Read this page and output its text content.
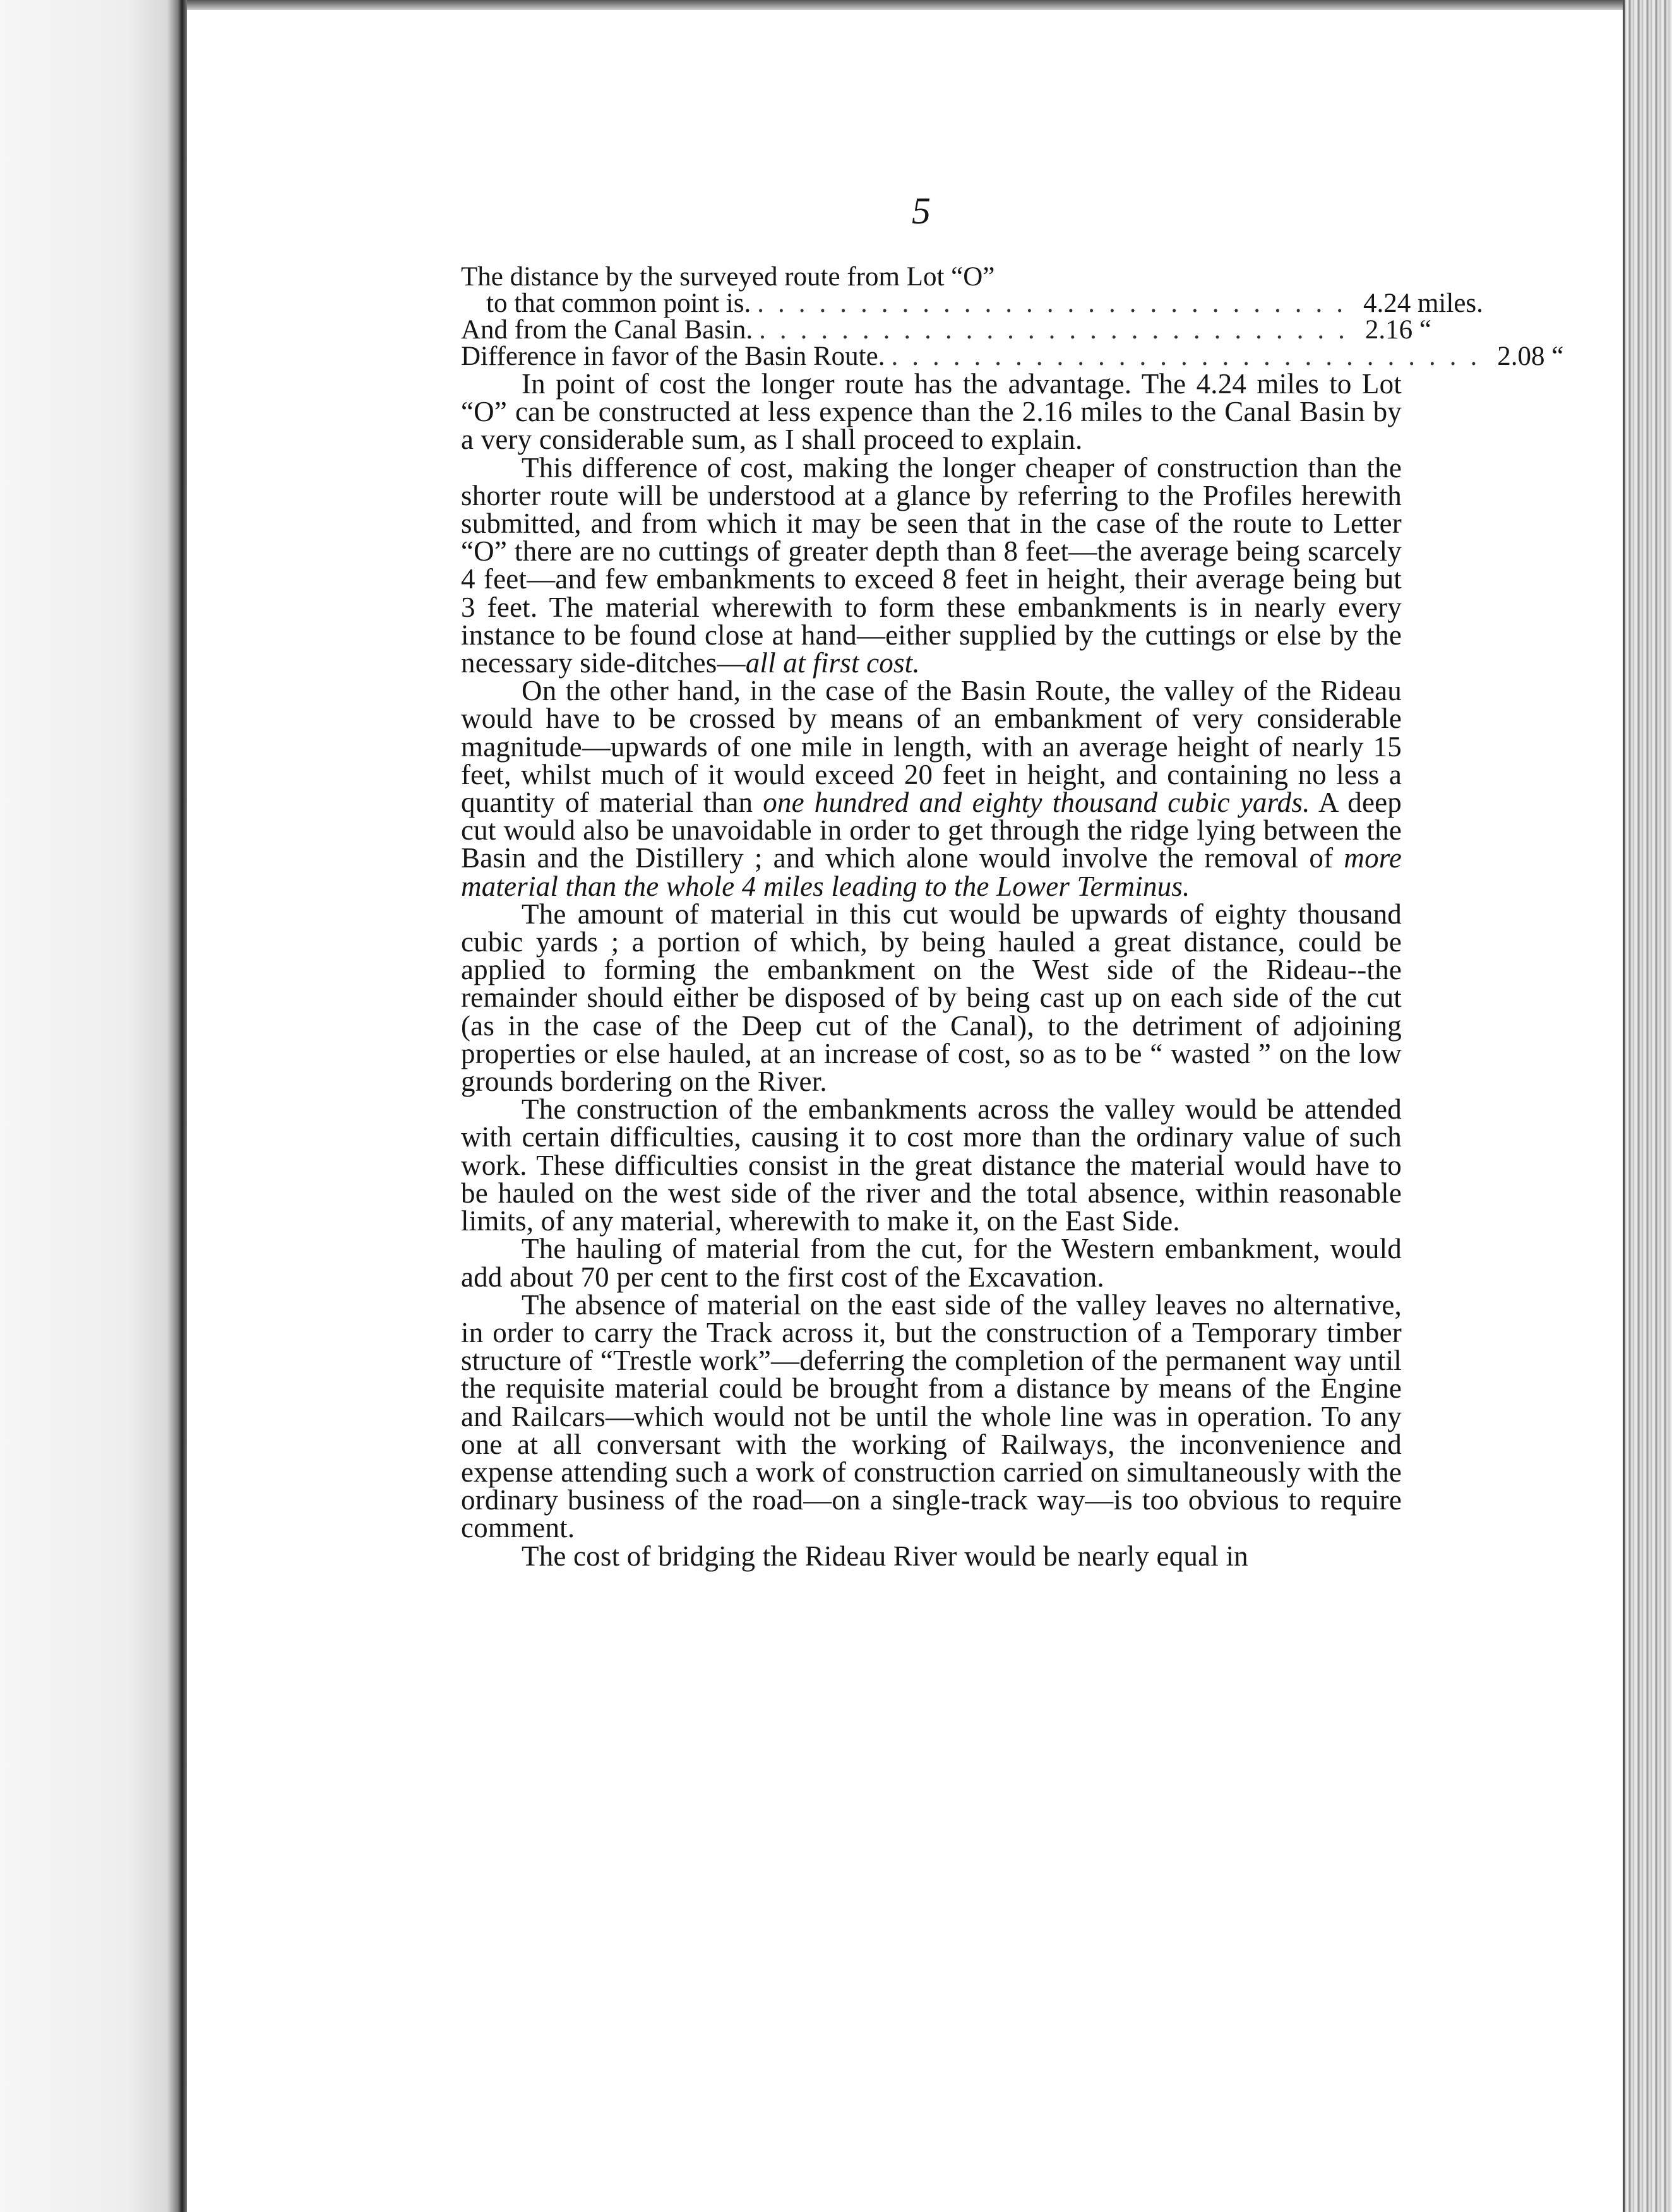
5
The distance by the surveyed route from Lot “O”
to that common point is. ............................. 4.24 miles.
And from the Canal Basin. ............................. 2.16 “
Difference in favor of the Basin Route. ............................. 2.08 “

In point of cost the longer route has the advantage. The 4.24 miles to Lot “O” can be constructed at less expence than the 2.16 miles to the Canal Basin by a very considerable sum, as I shall proceed to explain.

This difference of cost, making the longer cheaper of construction than the shorter route will be understood at a glance by referring to the Profiles herewith submitted, and from which it may be seen that in the case of the route to Letter “O” there are no cuttings of greater depth than 8 feet—the average being scarcely 4 feet—and few embankments to exceed 8 feet in height, their average being but 3 feet. The material wherewith to form these embankments is in nearly every instance to be found close at hand—either supplied by the cuttings or else by the necessary side-ditches—all at first cost.

On the other hand, in the case of the Basin Route, the valley of the Rideau would have to be crossed by means of an embankment of very considerable magnitude—upwards of one mile in length, with an average height of nearly 15 feet, whilst much of it would exceed 20 feet in height, and containing no less a quantity of material than one hundred and eighty thousand cubic yards. A deep cut would also be unavoidable in order to get through the ridge lying between the Basin and the Distillery ; and which alone would involve the removal of more material than the whole 4 miles leading to the Lower Terminus.

The amount of material in this cut would be upwards of eighty thousand cubic yards ; a portion of which, by being hauled a great distance, could be applied to forming the embankment on the West side of the Rideau--the remainder should either be disposed of by being cast up on each side of the cut (as in the case of the Deep cut of the Canal), to the detriment of adjoining properties or else hauled, at an increase of cost, so as to be “ wasted ” on the low grounds bordering on the River.

The construction of the embankments across the valley would be attended with certain difficulties, causing it to cost more than the ordinary value of such work. These difficulties consist in the great distance the material would have to be hauled on the west side of the river and the total absence, within reasonable limits, of any material, wherewith to make it, on the East Side.

The hauling of material from the cut, for the Western embankment, would add about 70 per cent to the first cost of the Excavation.

The absence of material on the east side of the valley leaves no alternative, in order to carry the Track across it, but the construction of a Temporary timber structure of “Trestle work”—deferring the completion of the permanent way until the requisite material could be brought from a distance by means of the Engine and Railcars—which would not be until the whole line was in operation. To any one at all conversant with the working of Railways, the inconvenience and expense attending such a work of construction carried on simultaneously with the ordinary business of the road—on a single-track way—is too obvious to require comment.

The cost of bridging the Rideau River would be nearly equal in
